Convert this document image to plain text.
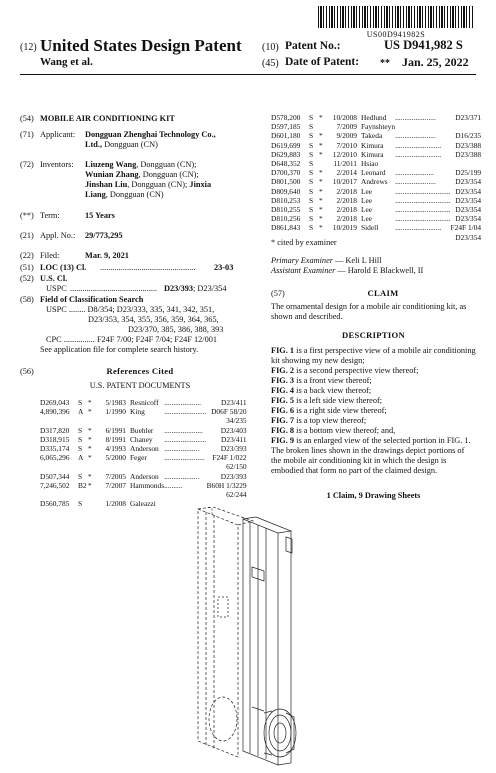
US00D941982S
(12) United States Design Patent (10) Patent No.:	US D941,982 S
Wang et al.	(45) Date of Patent: ** Jan. 25, 2022
(54) MOBILE AIR CONDITIONING KIT
(71) Applicant: Dongguan Zhenghai Technology Co.,
Ltd., Dongguan (CN)
(72) Inventors: Liuzeng Wang, Dongguan (CN);
Wunian Zhang, Dongguan (CN);
Jinshan Liu, Dongguan (CN); Jinxia
Liang, Dongguan (CN)
(**) Term:	15 Years
(21) Appl. No.: 29/773,295
(22) Filed:	Mar. 9, 2021
(51) LOC (13) Cl. ..............................................	23-03
(52) U.S. Cl.
USPC .......................................... D23/393; D23/354
(58) Field of Classification Search
USPC ........ D8/354; D23/333, 335, 341, 342, 351,
D23/353, 354, 355, 356, 359, 364, 365,
D23/370, 385, 386, 388, 393
CPC ............... F24F 7/00; F24F 7/04; F24F 12/001
See application file for complete search history.
(56)	References Cited
U.S. PATENT DOCUMENTS
D269,043	S	*	5/1983	Resnicoff	....................	D23/411
4,890,396	A	*	1/1990	King	.......................	D06F 58/20
34/235						
D317,820	S	*	6/1991	Buehler	.....................	D23/403
D318,915	S	*	8/1991	Chaney	.......................	D23/411
D335,174	S	*	4/1993	Anderson	...................	D23/393
6,065,296	A	*	5/2000	Feger	......................	F24F 1/022
62/150						
D507,344	S	*	7/2005	Anderson	...................	D23/393
7,246,502	B2	*	7/2007	Hammonds	..........	B60H 1/3229
62/244						
D560,785	S		1/2008	Galeazzi		
D578,200	S	*	10/2008	Hedlund	......................	D23/371
D597,185	S		7/2009	Faynshteyn		
D601,180	S	*	9/2009	Takeda	......................	D16/235
D619,699	S	*	7/2010	Kimura	.........................	D23/388
D629,883	S	*	12/2010	Kimura	.........................	D23/388
D648,352	S		11/2011	Hsiao		
D700,370	S	*	2/2014	Leonard	.....................	D25/199
D801,500	S	*	10/2017	Andrews	......................	D23/354
D809,640	S	*	2/2018	Lee	..............................	D23/354
D810,253	S	*	2/2018	Lee	..............................	D23/354
D810,255	S	*	2/2018	Lee	..............................	D23/354
D810,256	S	*	2/2018	Lee	..............................	D23/354
D861,843	S	*	10/2019	Sidell	.........................	F24F 1/04
D23/354						
* cited by examiner
Primary Examiner — Keli L Hill
Assistant Examiner — Harold E Blackwell, II
(57)	CLAIM
The ornamental design for a mobile air conditioning kit, as shown and described.
DESCRIPTION
FIG. 1 is a first perspective view of a mobile air conditioning kit showing my new design;
FIG. 2 is a second perspective view thereof;
FIG. 3 is a front view thereof;
FIG. 4 is a back view thereof;
FIG. 5 is a left side view thereof;
FIG. 6 is a right side view thereof;
FIG. 7 is a top view thereof;
FIG. 8 is a bottom view thereof; and,
FIG. 9 is an enlarged view of the selected portion in FIG. 1.
The broken lines shown in the drawings depict portions of the mobile air conditioning kit in which the design is embodied that form no part of the claimed design.
1 Claim, 9 Drawing Sheets
